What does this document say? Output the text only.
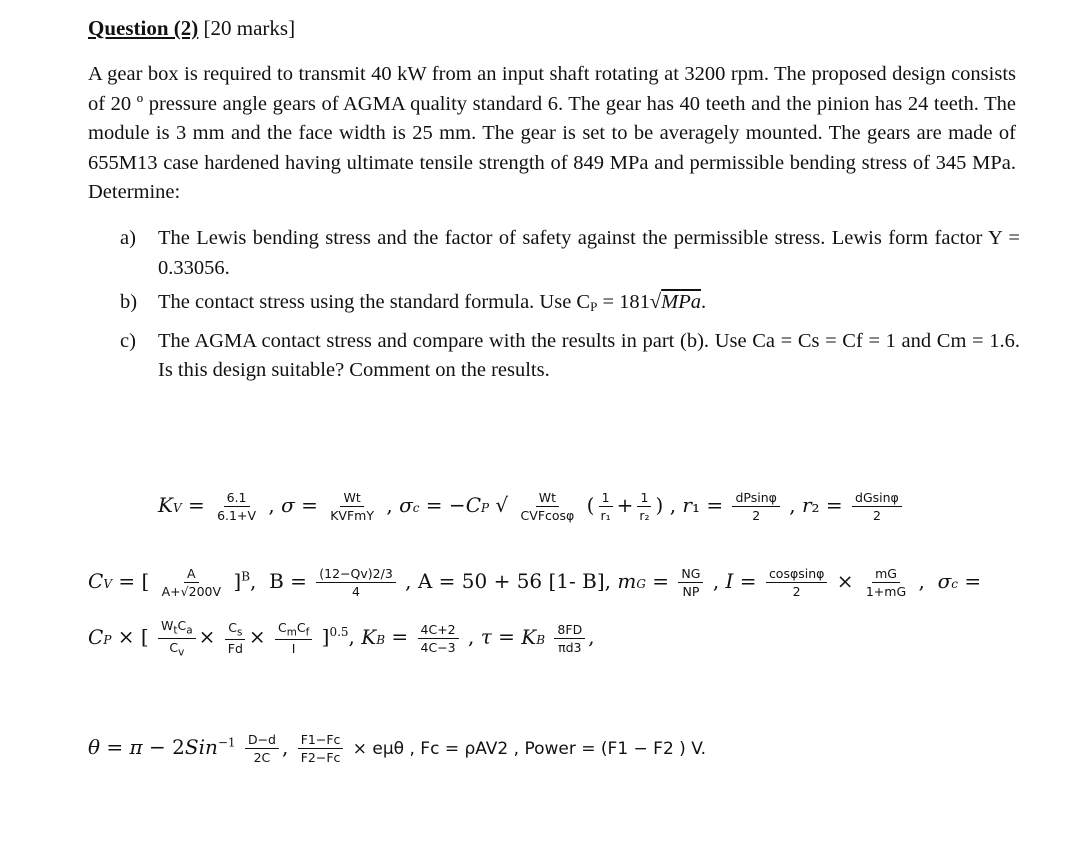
Question (2) [20 marks]
A gear box is required to transmit 40 kW from an input shaft rotating at 3200 rpm. The proposed design consists of 20 º pressure angle gears of AGMA quality standard 6. The gear has 40 teeth and the pinion has 24 teeth. The module is 3 mm and the face width is 25 mm. The gear is set to be averagely mounted. The gears are made of 655M13 case hardened having ultimate tensile strength of 849 MPa and permissible bending stress of 345 MPa. Determine:
a)	The Lewis bending stress and the factor of safety against the permissible stress. Lewis form factor Y = 0.33056.
b)	The contact stress using the standard formula. Use $C_P = 181√MPa$.
c)	The AGMA contact stress and compare with the results in part (b). Use Ca = Cs = Cf = 1 and Cm = 1.6. Is this design suitable? Comment on the results.
KV = $\frac{6.1}{6.1+V}$ , $\sigma = \frac{Wt}{\text{KVFmY}}$ , σc = −CP √ $\frac{Wt}{\text{CVFcosφ}}$ ( $\frac{1}{\text{r₁}} + \frac{1}{\text{r₂}}$ ) , $r_1 = \frac{dPsin\varphi}{2}$ , $r_2 = \frac{dGsin\varphi}{2}$
CV = [ $\frac{A}{A+√200V} ]^B$,  $B = \frac{(12-Qv)2/3}{4}$ , A = 50 + 56 [1- B], mG = $\frac{NG}{NP}$ , $I = \frac{\cos\varphi\sin\varphi}{2} \times \frac{mG}{1+mG}$ ,  σc =
CP × [ $\frac{W_tC_a}{C_v} \times \frac{C_s}{Fd} \times \frac{C_mC_f}{I} ]^{0.5}$, KB = $\frac{4C+2}{4C-3}$ , τ = KB $\frac{8FD}{\pi d3}$ ,
$\theta = \pi - 2Sin^{-1} \frac{D-d}{2C}$ , $\frac{F1-Fc}{F2-Fc} \times e\mu\theta$ , Fc = ρAV2 , Power = (F1 − F2 ) V.
